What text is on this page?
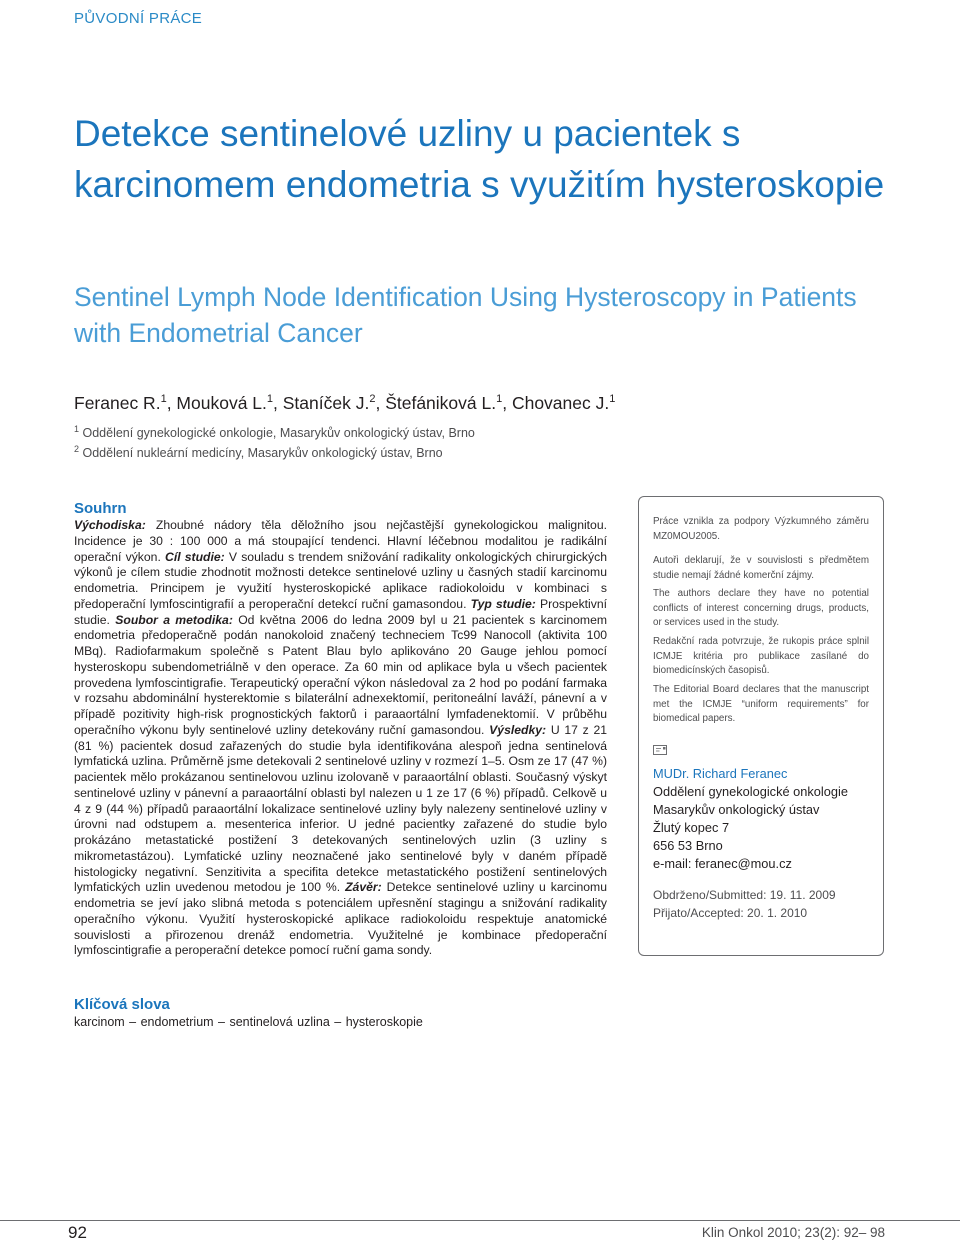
PŮVODNÍ PRÁCE
Detekce sentinelové uzliny u pacientek s karcinomem endometria s využitím hysteroskopie
Sentinel Lymph Node Identification Using Hysteroscopy in Patients with Endometrial Cancer
Feranec R.$^1$, Mouková L.$^1$, Staníček J.$^2$, Štefániková L.$^1$, Chovanec J.$^1$
$^1$ Oddělení gynekologické onkologie, Masarykův onkologický ústav, Brno
$^2$ Oddělení nukleární medicíny, Masarykův onkologický ústav, Brno
Souhrn
Východiska: Zhoubné nádory těla děložního jsou nejčastější gynekologickou malignitou. Incidence je 30 : 100 000 a má stoupající tendenci. Hlavní léčebnou modalitou je radikální operační výkon. Cíl studie: V souladu s trendem snižování radikality onkologických chirurgických výkonů je cílem studie zhodnotit možnosti detekce sentinelové uzliny u časných stadií karcinomu endometria. Principem je využití hysteroskopické aplikace radiokoloidu v kombinaci s předoperační lymfoscintigrafií a peroperační detekcí ruční gamasondou. Typ studie: Prospektivní studie. Soubor a metodika: Od května 2006 do ledna 2009 byl u 21 pacientek s karcinomem endometria předoperačně podán nanokoloid značený techneciem Tc99 Nanocoll (aktivita 100 MBq). Radiofarmakum společně s Patent Blau bylo aplikováno 20 Gauge jehlou pomocí hysteroskopu subendometriálně v den operace. Za 60 min od aplikace byla u všech pacientek provedena lymfoscintigrafie. Terapeutický operační výkon následoval za 2 hod po podání farmaka v rozsahu abdominální hysterektomie s bilaterální adnexektomií, peritoneální laváží, pánevní a v případě pozitivity high-risk prognostických faktorů i paraaortální lymfadenektomií. V průběhu operačního výkonu byly sentinelové uzliny detekovány ruční gamasondou. Výsledky: U 17 z 21 (81 %) pacientek dosud zařazených do studie byla identifikována alespoň jedna sentinelová lymfatická uzlina. Průměrně jsme detekovali 2 sentinelové uzliny v rozmezí 1–5. Osm ze 17 (47 %) pacientek mělo prokázanou sentinelovou uzlinu izolovaně v paraaortální oblasti. Současný výskyt sentinelové uzliny v pánevní a paraaortální oblasti byl nalezen u 1 ze 17 (6 %) případů. Celkově u 4 z 9 (44 %) případů paraaortální lokalizace sentinelové uzliny byly nalezeny sentinelové uzliny v úrovni nad odstupem a. mesenterica inferior. U jedné pacientky zařazené do studie bylo prokázáno metastatické postižení 3 detekovaných sentinelových uzlin (3 uzliny s mikrometastázou). Lymfatické uzliny neoznačené jako sentinelové byly v daném případě histologicky negativní. Senzitivita a specifita detekce metastatického postižení sentinelových lymfatických uzlin uvedenou metodou je 100 %. Závěr: Detekce sentinelové uzliny u karcinomu endometria se jeví jako slibná metoda s potenciálem upřesnění stagingu a snižování radikality operačního výkonu. Využití hysteroskopické aplikace radiokoloidu respektuje anatomické souvislosti a přirozenou drenáž endometria. Využitelné je kombinace předoperační lymfoscintigrafie a peroperační detekce pomocí ruční gama sondy.
Práce vznikla za podpory Výzkumného záměru MZ0MOU2005.
Autoři deklarují, že v souvislosti s předmětem studie nemají žádné komerční zájmy.
The authors declare they have no potential conflicts of interest concerning drugs, products, or services used in the study.
Redakční rada potvrzuje, že rukopis práce splnil ICMJE kritéria pro publikace zasílané do biomedicínských časopisů.
The Editorial Board declares that the manuscript met the ICMJE “uniform requirements” for biomedical papers.
MUDr. Richard Feranec
Oddělení gynekologické onkologie
Masarykův onkologický ústav
Žlutý kopec 7
656 53 Brno
e-mail: feranec@mou.cz
Obdrženo/Submitted: 19. 11. 2009
Přijato/Accepted: 20. 1. 2010
Klíčová slova
karcinom – endometrium – sentinelová uzlina – hysteroskopie
92	Klin Onkol 2010; 23(2): 92– 98
